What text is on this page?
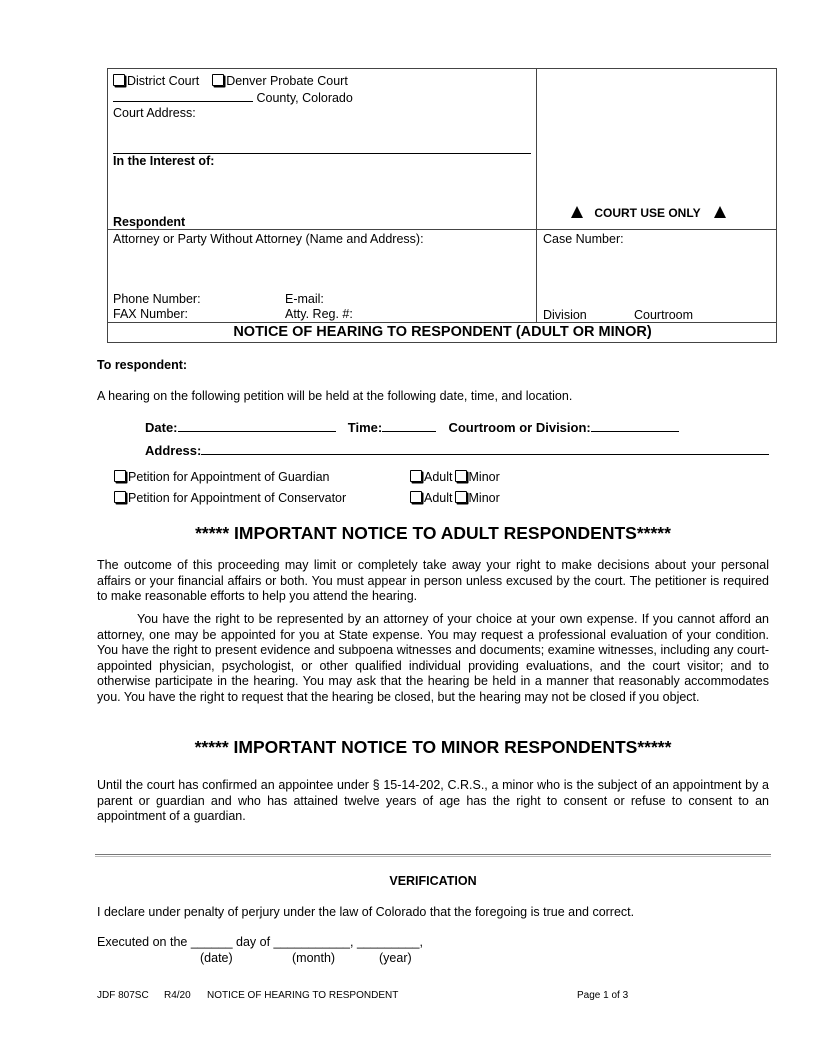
District Court Denver Probate Court
County, Colorado
Court Address:
In the Interest of:
Respondent
COURT USE ONLY
Attorney or Party Without Attorney (Name and Address):
Phone Number:	E-mail:
FAX Number:	Atty. Reg. #:
Case Number:
Division	Courtroom
NOTICE OF HEARING TO RESPONDENT (ADULT OR MINOR)
To respondent:
A hearing on the following petition will be held at the following date, time, and location.
Date:	Time:	Courtroom or Division:
Address:
Petition for Appointment of Guardian	Adult Minor
Petition for Appointment of Conservator	Adult Minor
***** IMPORTANT NOTICE TO ADULT RESPONDENTS*****
The outcome of this proceeding may limit or completely take away your right to make decisions about your personal affairs or your financial affairs or both. You must appear in person unless excused by the court. The petitioner is required to make reasonable efforts to help you attend the hearing.
You have the right to be represented by an attorney of your choice at your own expense. If you cannot afford an attorney, one may be appointed for you at State expense. You may request a professional evaluation of your condition. You have the right to present evidence and subpoena witnesses and documents; examine witnesses, including any court-appointed physician, psychologist, or other qualified individual providing evaluations, and the court visitor; and to otherwise participate in the hearing. You may ask that the hearing be held in a manner that reasonably accommodates you. You have the right to request that the hearing be closed, but the hearing may not be closed if you object.
***** IMPORTANT NOTICE TO MINOR RESPONDENTS*****
Until the court has confirmed an appointee under § 15-14-202, C.R.S., a minor who is the subject of an appointment by a parent or guardian and who has attained twelve years of age has the right to consent or refuse to consent to an appointment of a guardian.
VERIFICATION
I declare under penalty of perjury under the law of Colorado that the foregoing is true and correct.
Executed on the ______ day of ___________, _________,
(date)	(month)	(year)
JDF 807SC R4/20 NOTICE OF HEARING TO RESPONDENT	Page 1 of 3
